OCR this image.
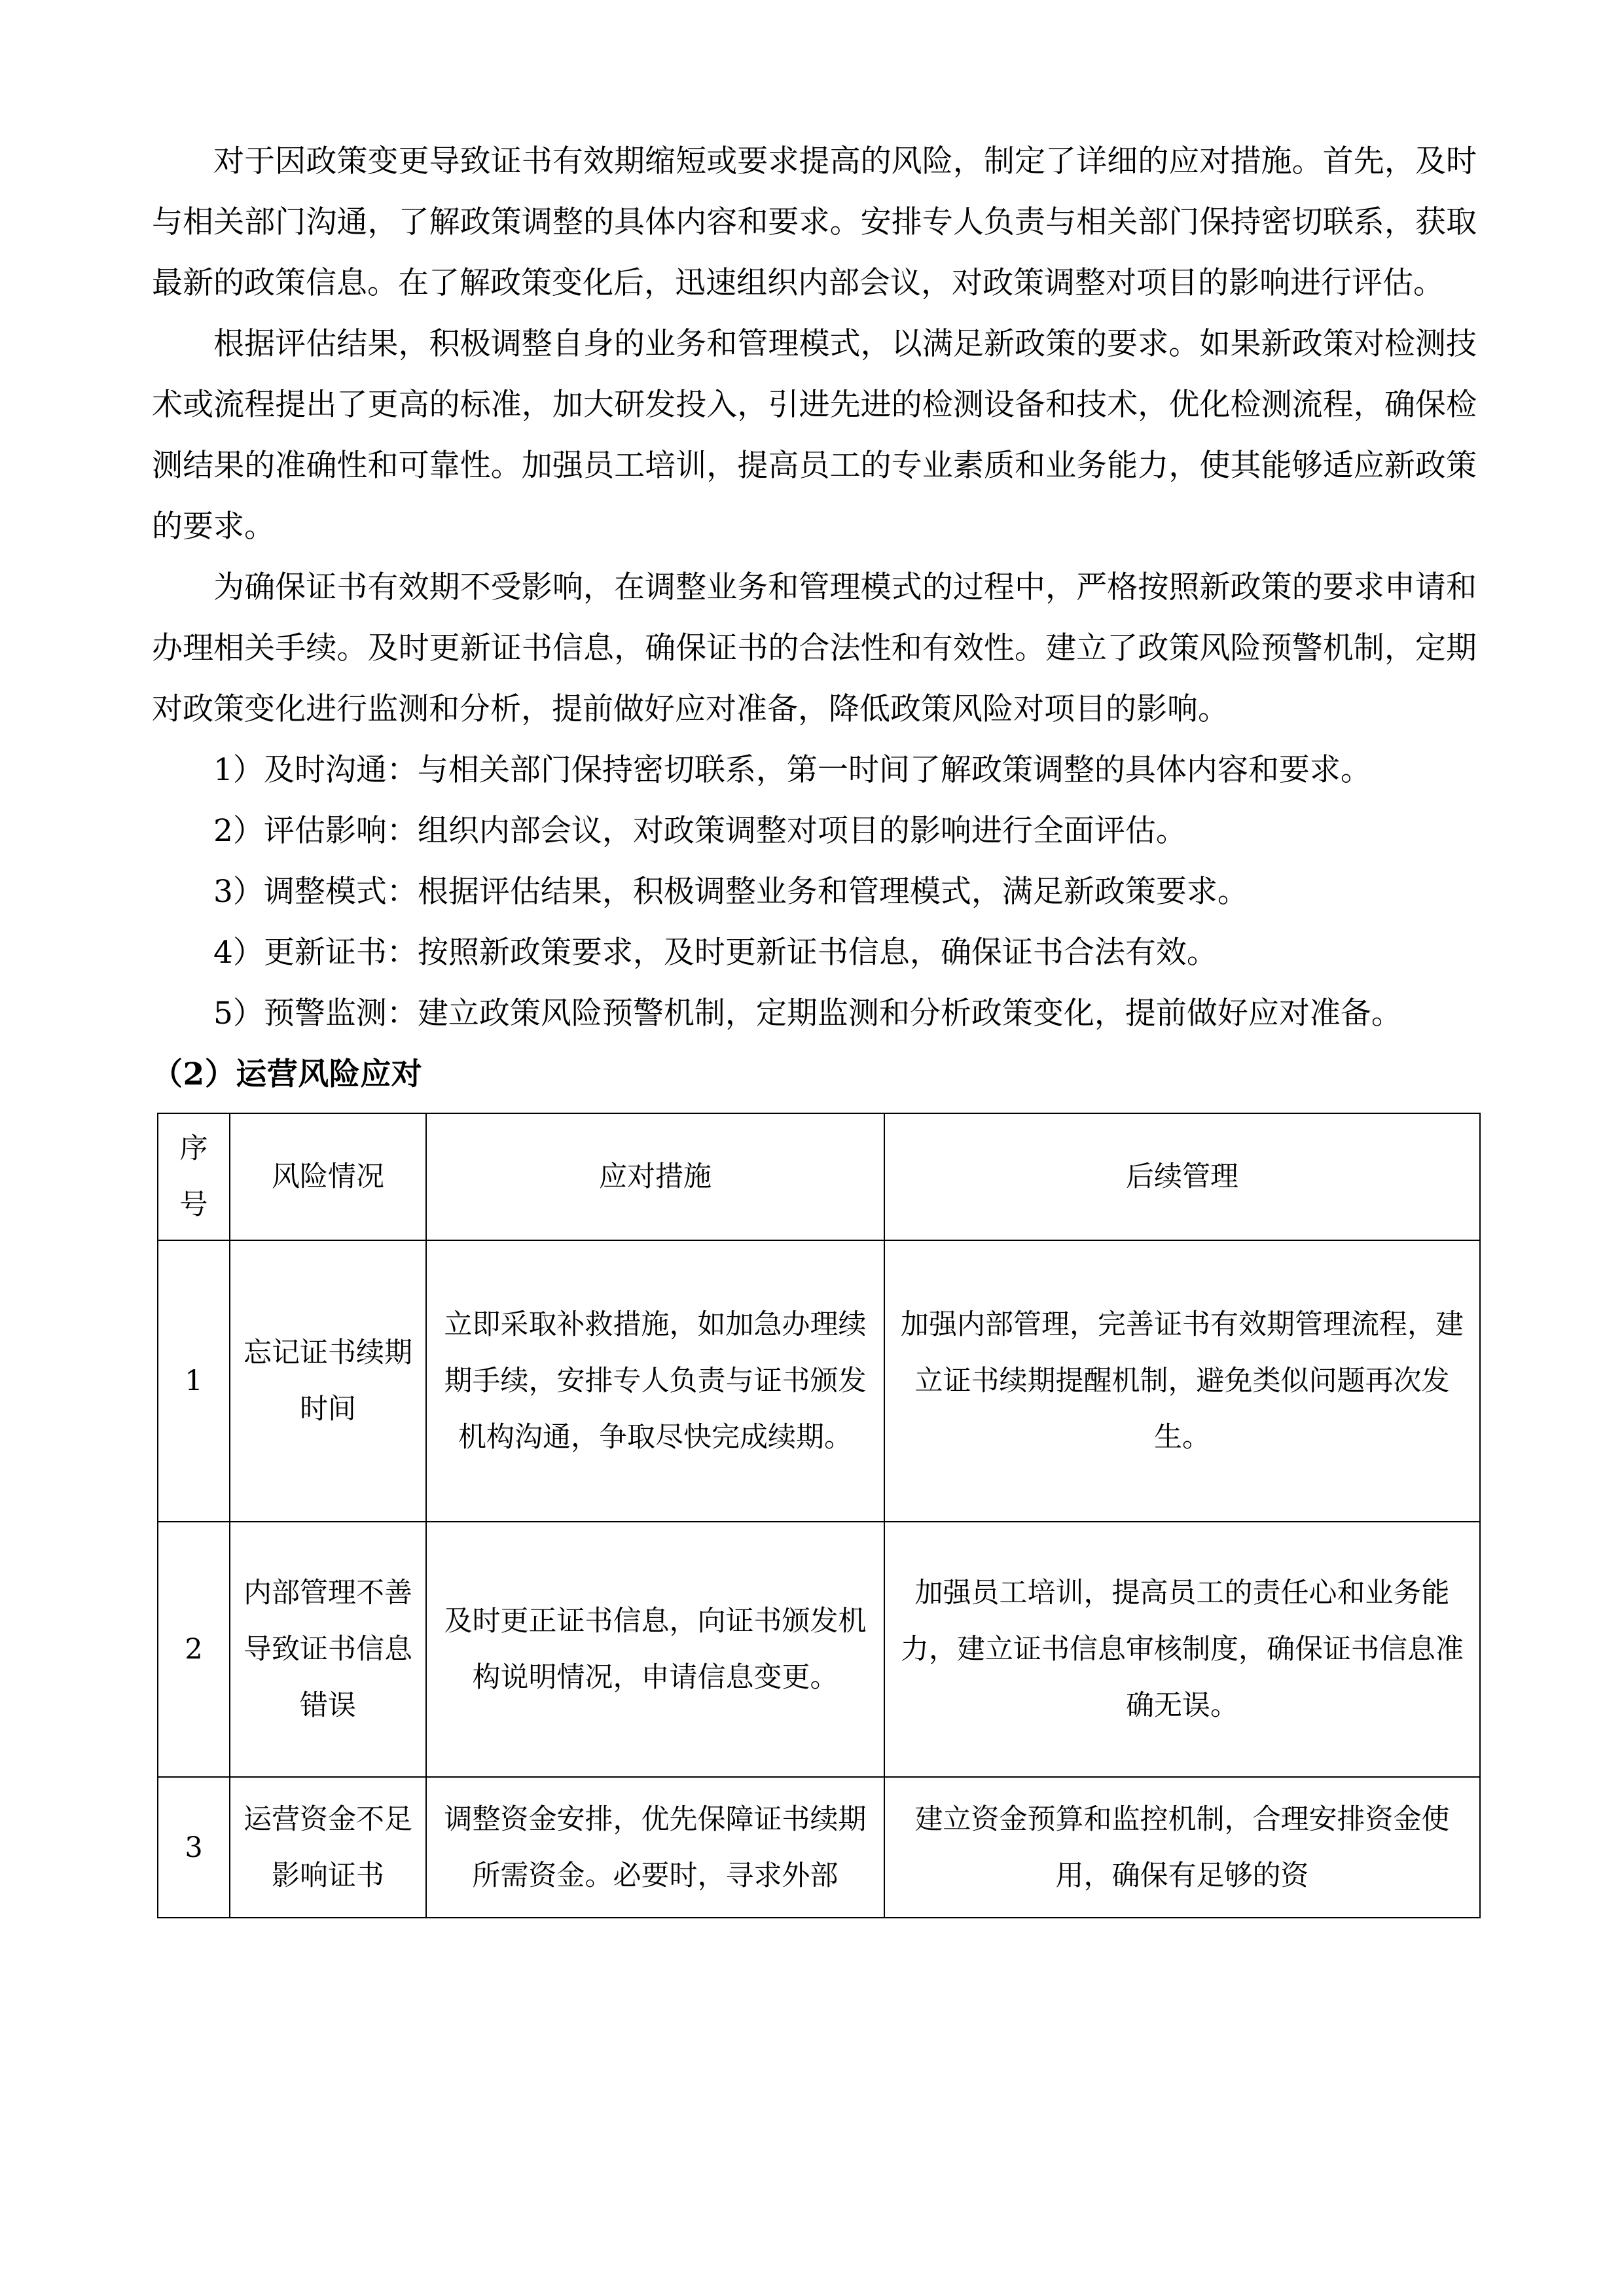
对于因政策变更导致证书有效期缩短或要求提高的风险，制定了详细的应对措施。首先，及时与相关部门沟通，了解政策调整的具体内容和要求。安排专人负责与相关部门保持密切联系，获取最新的政策信息。在了解政策变化后，迅速组织内部会议，对政策调整对项目的影响进行评估。

根据评估结果，积极调整自身的业务和管理模式，以满足新政策的要求。如果新政策对检测技术或流程提出了更高的标准，加大研发投入，引进先进的检测设备和技术，优化检测流程，确保检测结果的准确性和可靠性。加强员工培训，提高员工的专业素质和业务能力，使其能够适应新政策的要求。

为确保证书有效期不受影响，在调整业务和管理模式的过程中，严格按照新政策的要求申请和办理相关手续。及时更新证书信息，确保证书的合法性和有效性。建立了政策风险预警机制，定期对政策变化进行监测和分析，提前做好应对准备，降低政策风险对项目的影响。

1）及时沟通：与相关部门保持密切联系，第一时间了解政策调整的具体内容和要求。

2）评估影响：组织内部会议，对政策调整对项目的影响进行全面评估。

3）调整模式：根据评估结果，积极调整业务和管理模式，满足新政策要求。

4）更新证书：按照新政策要求，及时更新证书信息，确保证书合法有效。

5）预警监测：建立政策风险预警机制，定期监测和分析政策变化，提前做好应对准备。

（2）运营风险应对

序
号	风险情况	应对措施	后续管理
1	忘记证书续期时间	立即采取补救措施，如加急办理续期手续，安排专人负责与证书颁发机构沟通，争取尽快完成续期。	加强内部管理，完善证书有效期管理流程，建立证书续期提醒机制，避免类似问题再次发生。
2	内部管理不善导致证书信息错误	及时更正证书信息，向证书颁发机构说明情况，申请信息变更。	加强员工培训，提高员工的责任心和业务能力，建立证书信息审核制度，确保证书信息准确无误。
3	运营资金不足影响证书	调整资金安排，优先保障证书续期所需资金。必要时，寻求外部	建立资金预算和监控机制，合理安排资金使用，确保有足够的资
